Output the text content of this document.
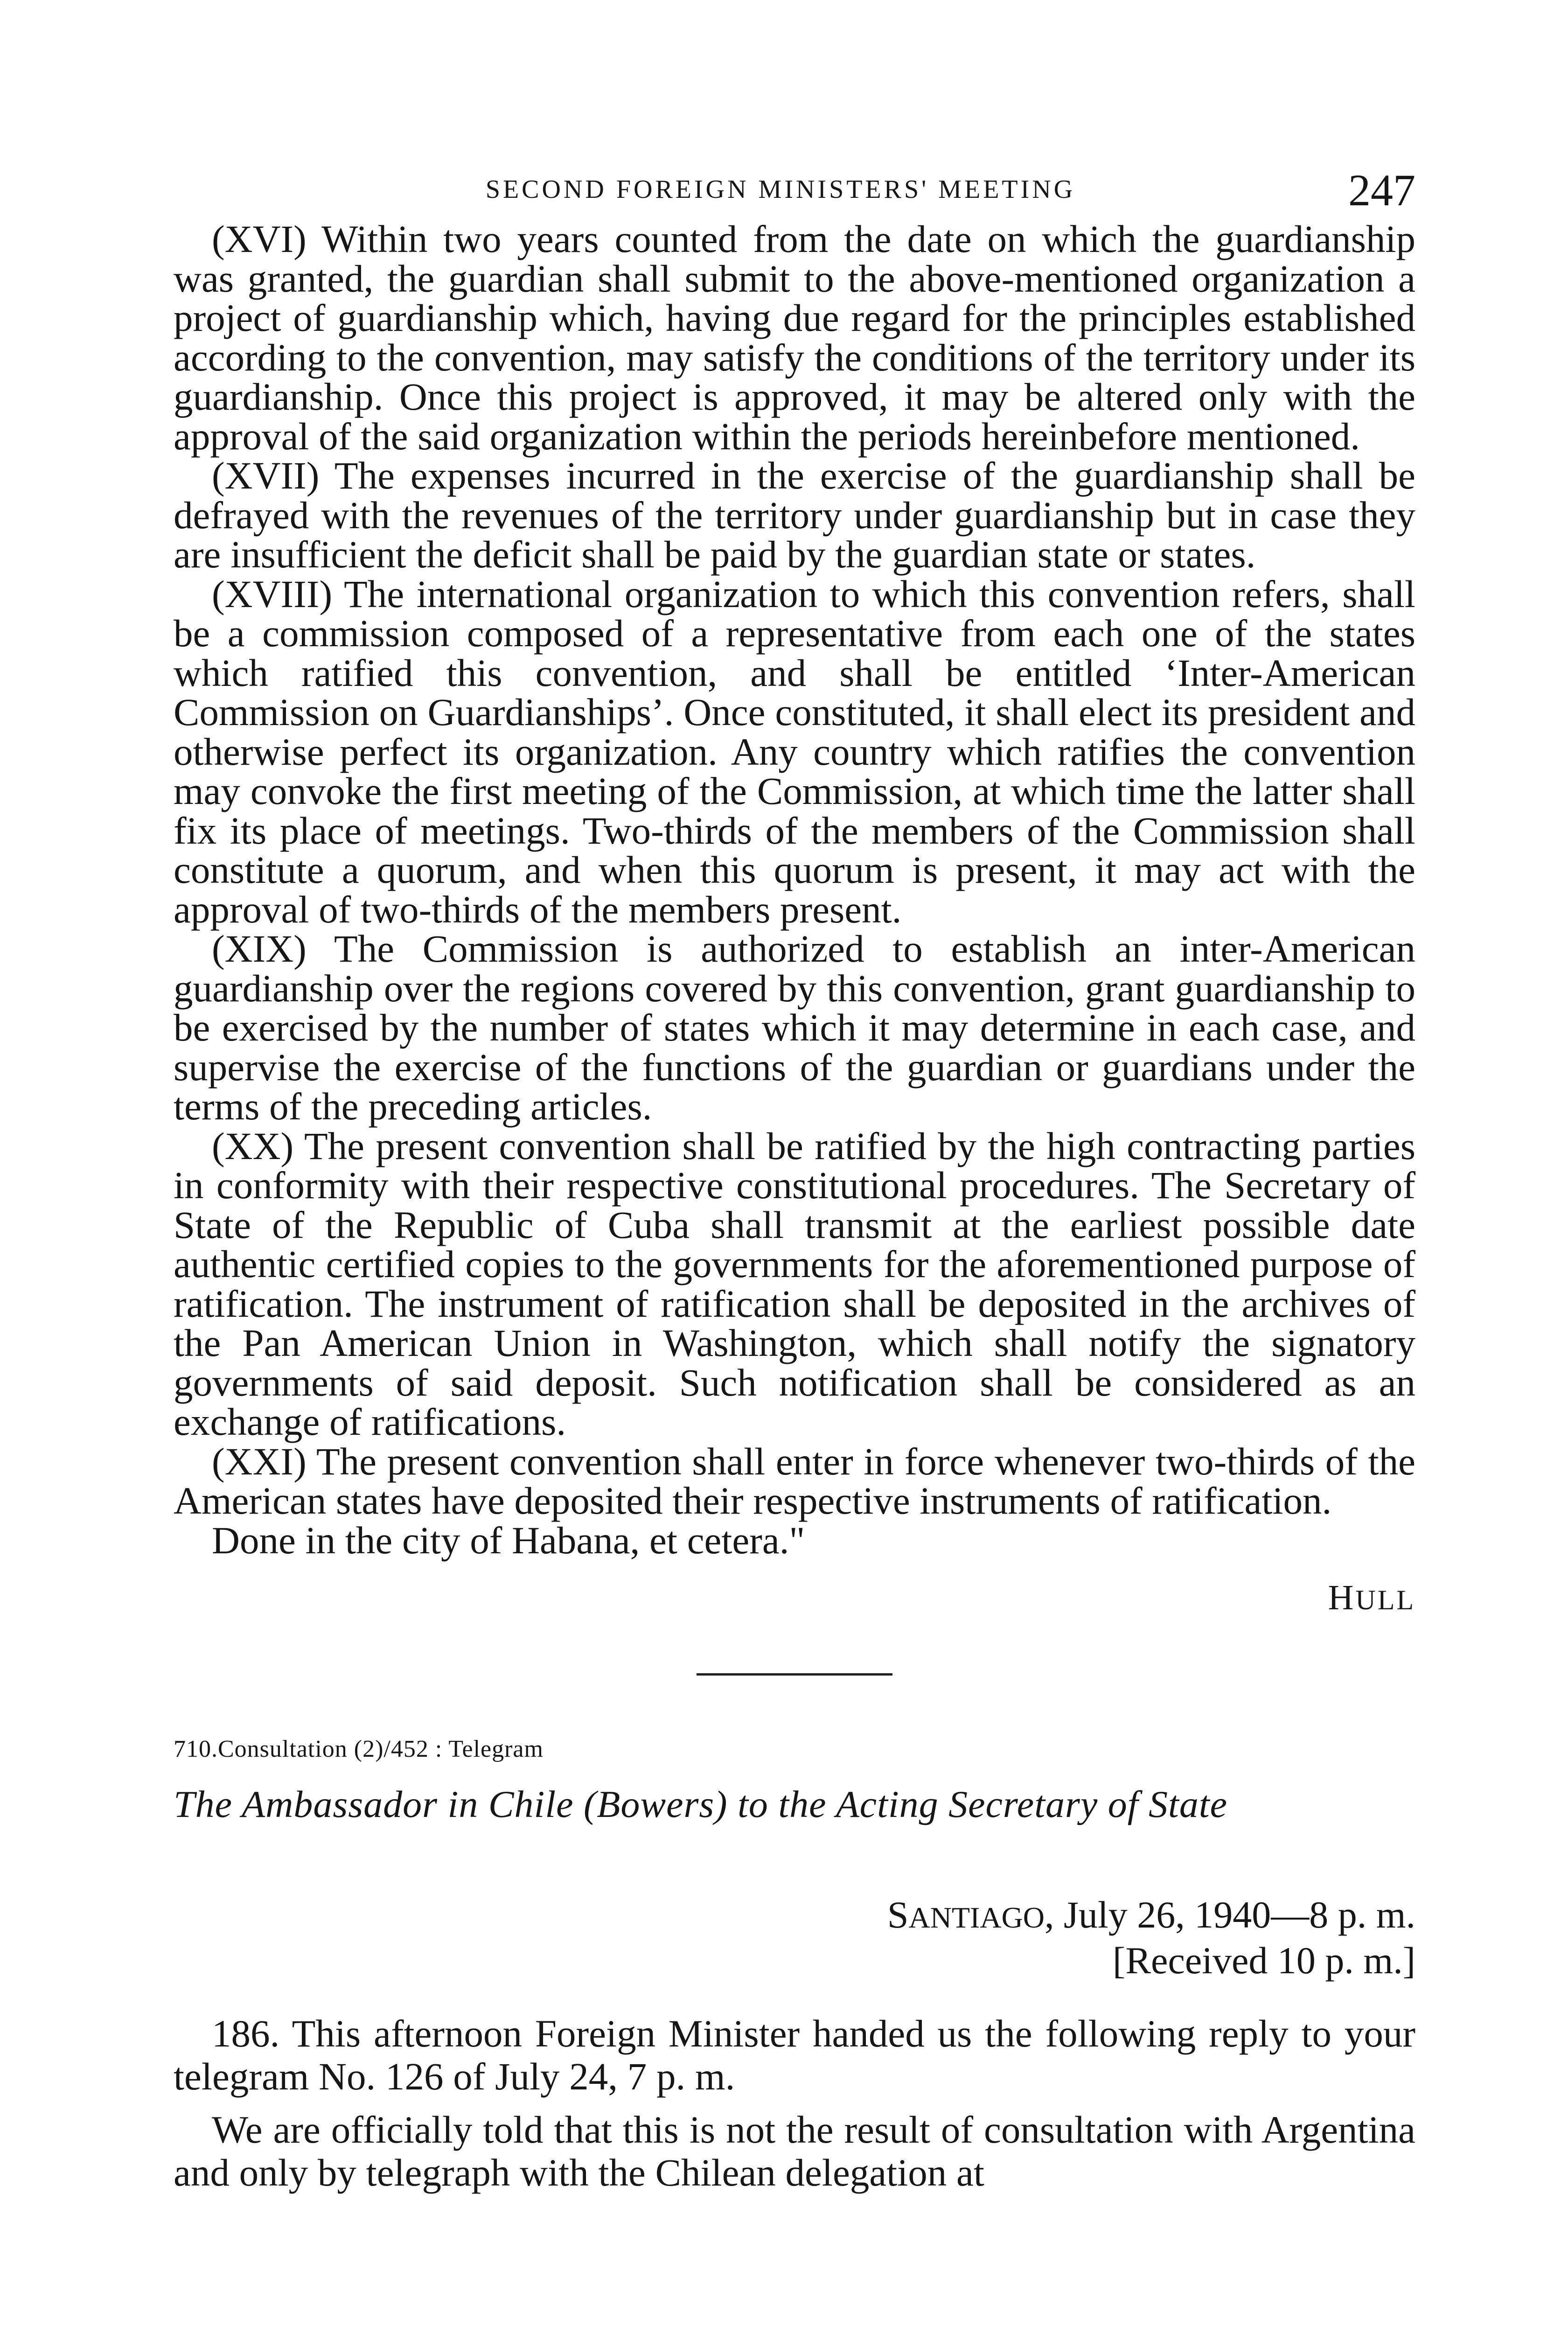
SECOND FOREIGN MINISTERS' MEETING	247

(XVI) Within two years counted from the date on which the guardianship was granted, the guardian shall submit to the above-mentioned organization a project of guardianship which, having due regard for the principles established according to the convention, may satisfy the conditions of the territory under its guardianship. Once this project is approved, it may be altered only with the approval of the said organization within the periods hereinbefore mentioned.

(XVII) The expenses incurred in the exercise of the guardianship shall be defrayed with the revenues of the territory under guardianship but in case they are insufficient the deficit shall be paid by the guardian state or states.

(XVIII) The international organization to which this convention refers, shall be a commission composed of a representative from each one of the states which ratified this convention, and shall be entitled ‘Inter-American Commission on Guardianships’. Once constituted, it shall elect its president and otherwise perfect its organization. Any country which ratifies the convention may convoke the first meeting of the Commission, at which time the latter shall fix its place of meetings. Two-thirds of the members of the Commission shall constitute a quorum, and when this quorum is present, it may act with the approval of two-thirds of the members present.

(XIX) The Commission is authorized to establish an inter-American guardianship over the regions covered by this convention, grant guardianship to be exercised by the number of states which it may determine in each case, and supervise the exercise of the functions of the guardian or guardians under the terms of the preceding articles.

(XX) The present convention shall be ratified by the high contracting parties in conformity with their respective constitutional procedures. The Secretary of State of the Republic of Cuba shall transmit at the earliest possible date authentic certified copies to the governments for the aforementioned purpose of ratification. The instrument of ratification shall be deposited in the archives of the Pan American Union in Washington, which shall notify the signatory governments of said deposit. Such notification shall be considered as an exchange of ratifications.

(XXI) The present convention shall enter in force whenever two-thirds of the American states have deposited their respective instruments of ratification.

Done in the city of Habana, et cetera."

HULL
710.Consultation (2)/452 : Telegram
The Ambassador in Chile (Bowers) to the Acting Secretary of State
SANTIAGO, July 26, 1940—8 p. m.
[Received 10 p. m.]

186. This afternoon Foreign Minister handed us the following reply to your telegram No. 126 of July 24, 7 p. m.

We are officially told that this is not the result of consultation with Argentina and only by telegraph with the Chilean delegation at
